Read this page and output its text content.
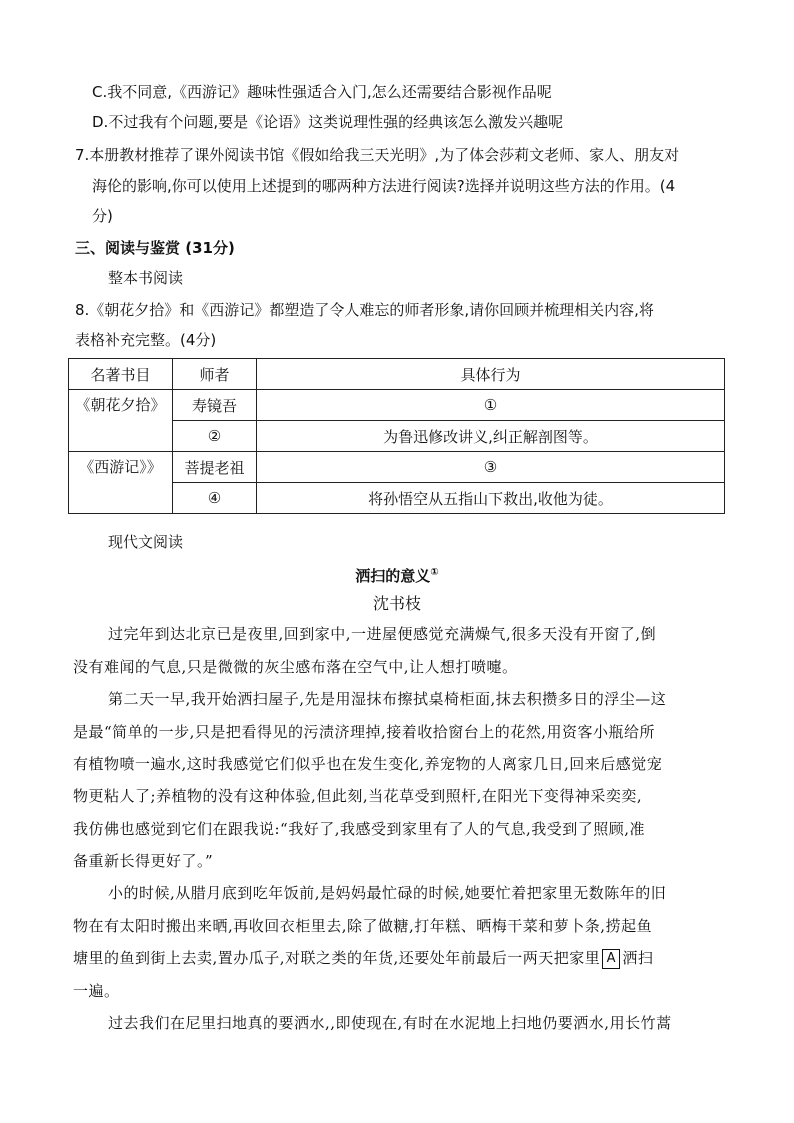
C.我不同意,《西游记》趣味性强适合入门,怎么还需要结合影视作品呢
D.不过我有个问题,要是《论语》这类说理性强的经典该怎么激发兴趣呢
7.本册教材推荐了课外阅读书馆《假如给我三天光明》,为了体会莎莉文老师、家人、朋友对
海伦的影响,你可以使用上述提到的哪两种方法进行阅读?选择并说明这些方法的作用。(4
分)
三、阅读与鉴赏 (31分)
整本书阅读
8.《朝花夕拾》和《西游记》都塑造了令人难忘的师者形象,请你回顾并梳理相关内容,将
表格补充完整。(4分)
名著书目	师者	具体行为
《朝花夕拾》	寿镜吾	①
	②	为鲁迅修改讲义,纠正解剖图等。
《西游记》》	菩提老祖	③
	④	将孙悟空从五指山下救出,收他为徒。
现代文阅读
洒扫的意义①
沈书枝
过完年到达北京已是夜里,回到家中,一进屋便感觉充满燥气,很多天没有开窗了,倒
没有难闻的气息,只是微微的灰尘感布落在空气中,让人想打喷嚏。
第二天一早,我开始洒扫屋子,先是用湿抹布擦拭桌椅柜面,抹去积攒多日的浮尘—这
是最“简单的一步,只是把看得见的污渍济理掉,接着收拾窗台上的花然,用资客小瓶给所
有植物喷一遍水,这时我感觉它们似乎也在发生变化,养宠物的人离家几日,回来后感觉宠
物更粘人了;养植物的没有这种体验,但此刻,当花草受到照杆,在阳光下变得神采奕奕,
我仿佛也感觉到它们在跟我说:“我好了,我感受到家里有了人的气息,我受到了照顾,准
备重新长得更好了。”
小的时候,从腊月底到吃年饭前,是妈妈最忙碌的时候,她要忙着把家里无数陈年的旧
物在有太阳时搬出来晒,再收回衣柜里去,除了做糖,打年糕、晒梅干菜和萝卜条,捞起鱼
塘里的鱼到街上去卖,置办瓜子,对联之类的年货,还要处年前最后一两天把家里 A 洒扫
一遍。
过去我们在尼里扫地真的要洒水,,即使现在,有时在水泥地上扫地仍要洒水,用长竹蒿
